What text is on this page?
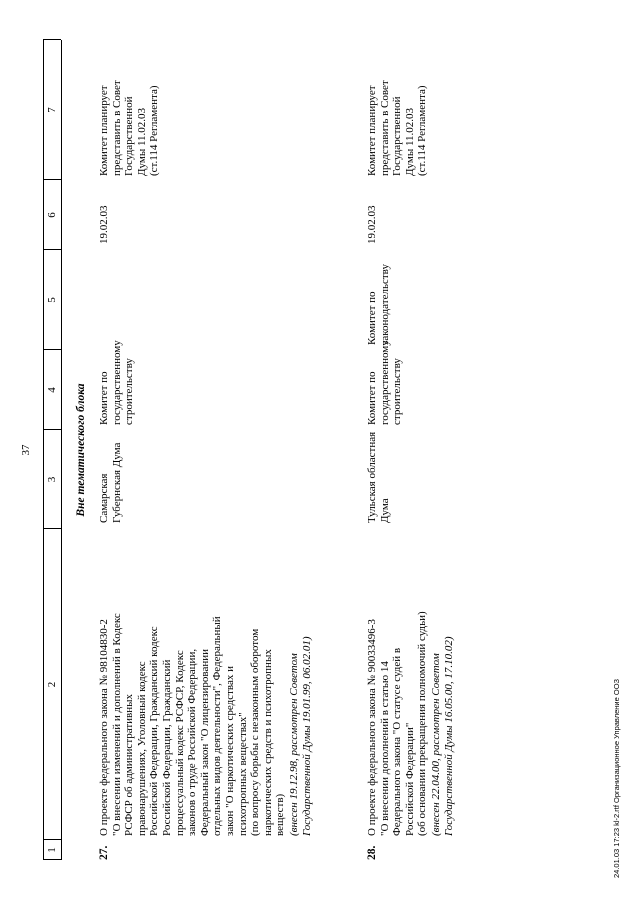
37
1
2
3
4
5
6
7
Вне тематического блока
27.
О проекте федерального закона № 98104830-2
"О внесении изменений и дополнений в Кодекс
РСФСР об административных
правонарушениях, Уголовный кодекс
Российской Федерации, Гражданский кодекс
Российской Федерации, Гражданский
процессуальный кодекс РСФСР, Кодекс
законов о труде Российской Федерации,
Федеральный закон "О лицензировании
отдельных видов деятельности", Федеральный
закон "О наркотических средствах и
психотропных веществах"
(по вопросу борьбы с незаконным оборотом
наркотических средств и психотропных
веществ) (внесен 19.12.98, рассмотрен Советом
Государственной Думы 19.01.99, 06.02.01)
Самарская
Губернская Дума
Комитет по
государственному
строительству
19.02.03
Комитет планирует
представить в Совет
Государственной
Думы 11.02.03
(ст.114 Регламента)
28.
О проекте федерального закона № 90033496-3
"О внесении дополнений в статью 14
Федерального закона "О статусе судей в
Российской Федерации"
(об основании прекращения полномочий судьи)
(внесен 22.04.00, рассмотрен Советом
Государственной Думы 16.05.00, 17.10.02)
Тульская областная
Дума
Комитет по
государственному
строительству
Комитет по
законодательству
19.02.03
Комитет планирует
представить в Совет
Государственной
Думы 11.02.03
(ст.114 Регламента)
24.01.03 17:23 kl-2.rtf Организационное Управление ООЗ
